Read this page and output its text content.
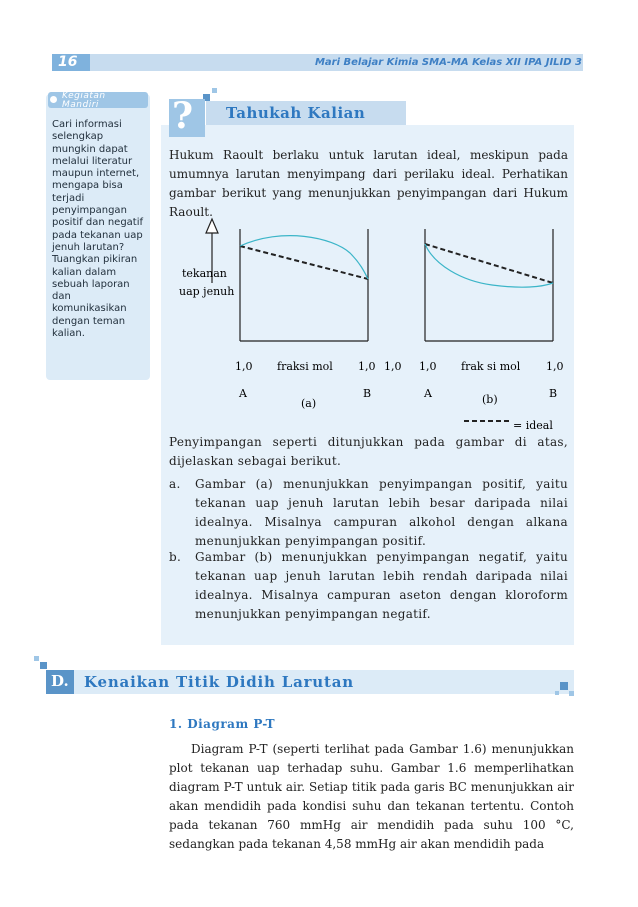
16	Mari Belajar Kimia SMA-MA Kelas XII IPA JILID 3
Kegiatan Mandiri
Cari informasi selengkap mungkin dapat melalui literatur maupun internet, mengapa bisa terjadi penyimpangan positif dan negatif pada tekanan uap jenuh larutan? Tuangkan pikiran kalian dalam sebuah laporan dan komunikasikan dengan teman kalian.
? Tahukah Kalian
Hukum Raoult berlaku untuk larutan ideal, meskipun pada umumnya larutan menyimpang dari perilaku ideal. Perhatikan gambar berikut yang menunjukkan penyimpangan dari Hukum Raoult.
tekanan
uap jenuh
1,0 fraksi mol 1,0
A	B
(a)
1,0 1,0 frak si mol 1,0
A	B
(b)
= ideal
Penyimpangan seperti ditunjukkan pada gambar di atas, dijelaskan sebagai berikut.
a. Gambar (a) menunjukkan penyimpangan positif, yaitu tekanan uap jenuh larutan lebih besar daripada nilai idealnya. Misalnya campuran alkohol dengan alkana menunjukkan penyimpangan positif.
b. Gambar (b) menunjukkan penyimpangan negatif, yaitu tekanan uap jenuh larutan lebih rendah daripada nilai idealnya. Misalnya campuran aseton dengan kloroform menunjukkan penyimpangan negatif.
D. Kenaikan Titik Didih Larutan
1. Diagram P-T
Diagram P-T (seperti terlihat pada Gambar 1.6) menunjukkan plot tekanan uap terhadap suhu. Gambar 1.6 memperlihatkan diagram P-T untuk air. Setiap titik pada garis BC menunjukkan air akan mendidih pada kondisi suhu dan tekanan tertentu. Contoh pada tekanan 760 mmHg air mendidih pada suhu 100 °C, sedangkan pada tekanan 4,58 mmHg air akan mendidih pada
